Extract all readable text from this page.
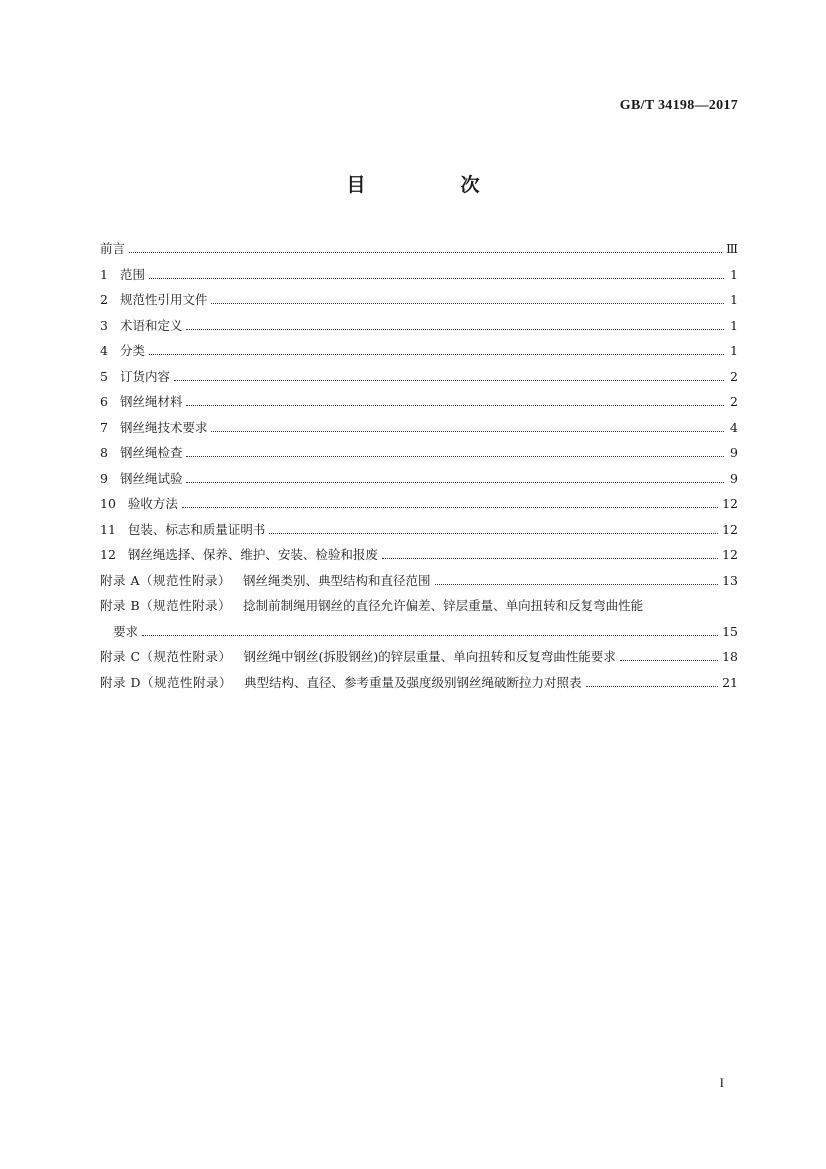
GB/T 34198—2017
目　次
前言	Ⅲ
1 范围	1
2 规范性引用文件	1
3 术语和定义	1
4 分类	1
5 订货内容	2
6 钢丝绳材料	2
7 钢丝绳技术要求	4
8 钢丝绳检查	9
9 钢丝绳试验	9
10 验收方法	12
11 包装、标志和质量证明书	12
12 钢丝绳选择、保养、维护、安装、检验和报废	12
附录 A（规范性附录） 钢丝绳类别、典型结构和直径范围	13
附录 B（规范性附录） 捻制前制绳用钢丝的直径允许偏差、锌层重量、单向扭转和反复弯曲性能
要求	15
附录 C（规范性附录） 钢丝绳中钢丝(拆股钢丝)的锌层重量、单向扭转和反复弯曲性能要求	18
附录 D（规范性附录） 典型结构、直径、参考重量及强度级别钢丝绳破断拉力对照表	21
I
